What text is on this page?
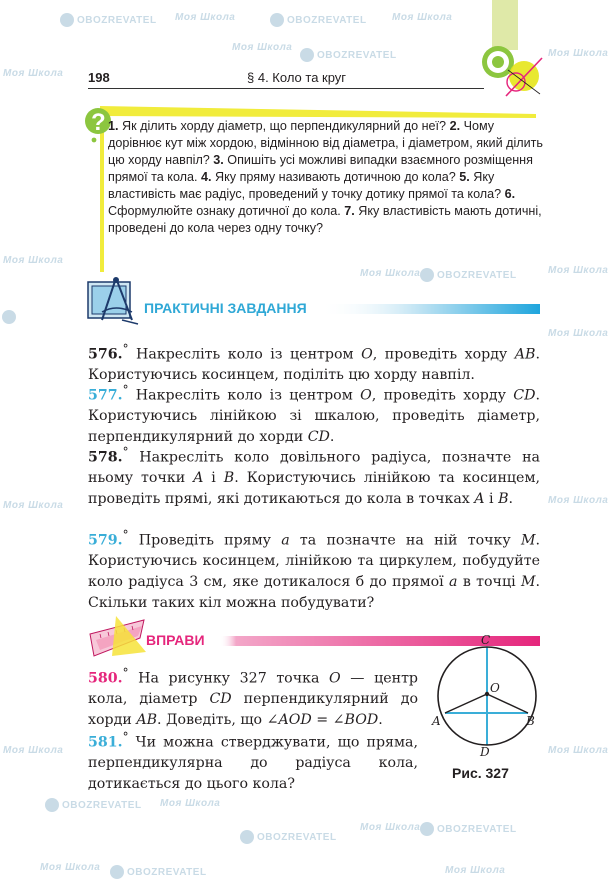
OBOZREVATEL Моя Школа	OBOZREVATEL	Моя Школа
Моя Школа
OBOZREVATEL
Моя Школа
Моя Школа
Моя Школа
Моя Школа
Моя Школа OBOZREVATEL
Моя Школа
Моя Школа	Моя Школа
Моя Школа
Моя Школа
OBOZREVATEL Моя Школа
OBOZREVATEL
Моя Школа OBOZREVATEL
Моя Школа	OBOZREVATEL	Моя Школа
198	§ 4. Коло та круг
? 1. Як ділить хорду діаметр, що перпендикулярний до неї? 2. Чому дорівнює кут між хордою, відмінною від діаметра, і діаметром, який ділить цю хорду навпіл? 3. Опишіть усі можливі випадки взаємного розміщення прямої та кола. 4. Яку пряму називають дотичною до кола? 5. Яку властивість має радіус, проведений у точку дотику прямої та кола? 6. Сформулюйте ознаку дотичної до кола. 7. Яку властивість мають дотичні, проведені до кола через одну точку?

ПРАКТИЧНІ ЗАВДАННЯ

576.° Накресліть коло із центром O, проведіть хорду AB. Користуючись косинцем, поділіть цю хорду навпіл.

577.° Накресліть коло із центром O, проведіть хорду CD. Користуючись лінійкою зі шкалою, проведіть діаметр, перпендикулярний до хорди CD.

578.° Накресліть коло довільного радіуса, позначте на ньому точки A і B. Користуючись лінійкою та косинцем, проведіть прямі, які дотикаються до кола в точках A і B.

579.° Проведіть пряму a та позначте на ній точку M. Користуючись косинцем, лінійкою та циркулем, побудуйте коло радіуса 3 см, яке дотикалося б до прямої a в точці M. Скільки таких кіл можна побудувати?

ВПРАВИ

580.° На рисунку 327 точка O — центр кола, діаметр CD перпендикулярний до хорди AB. Доведіть, що ∠AOD = ∠BOD.

581.° Чи можна стверджувати, що пряма, перпендикулярна до радіуса кола, дотикається до цього кола?

C
O
A	B
D
Рис. 327
